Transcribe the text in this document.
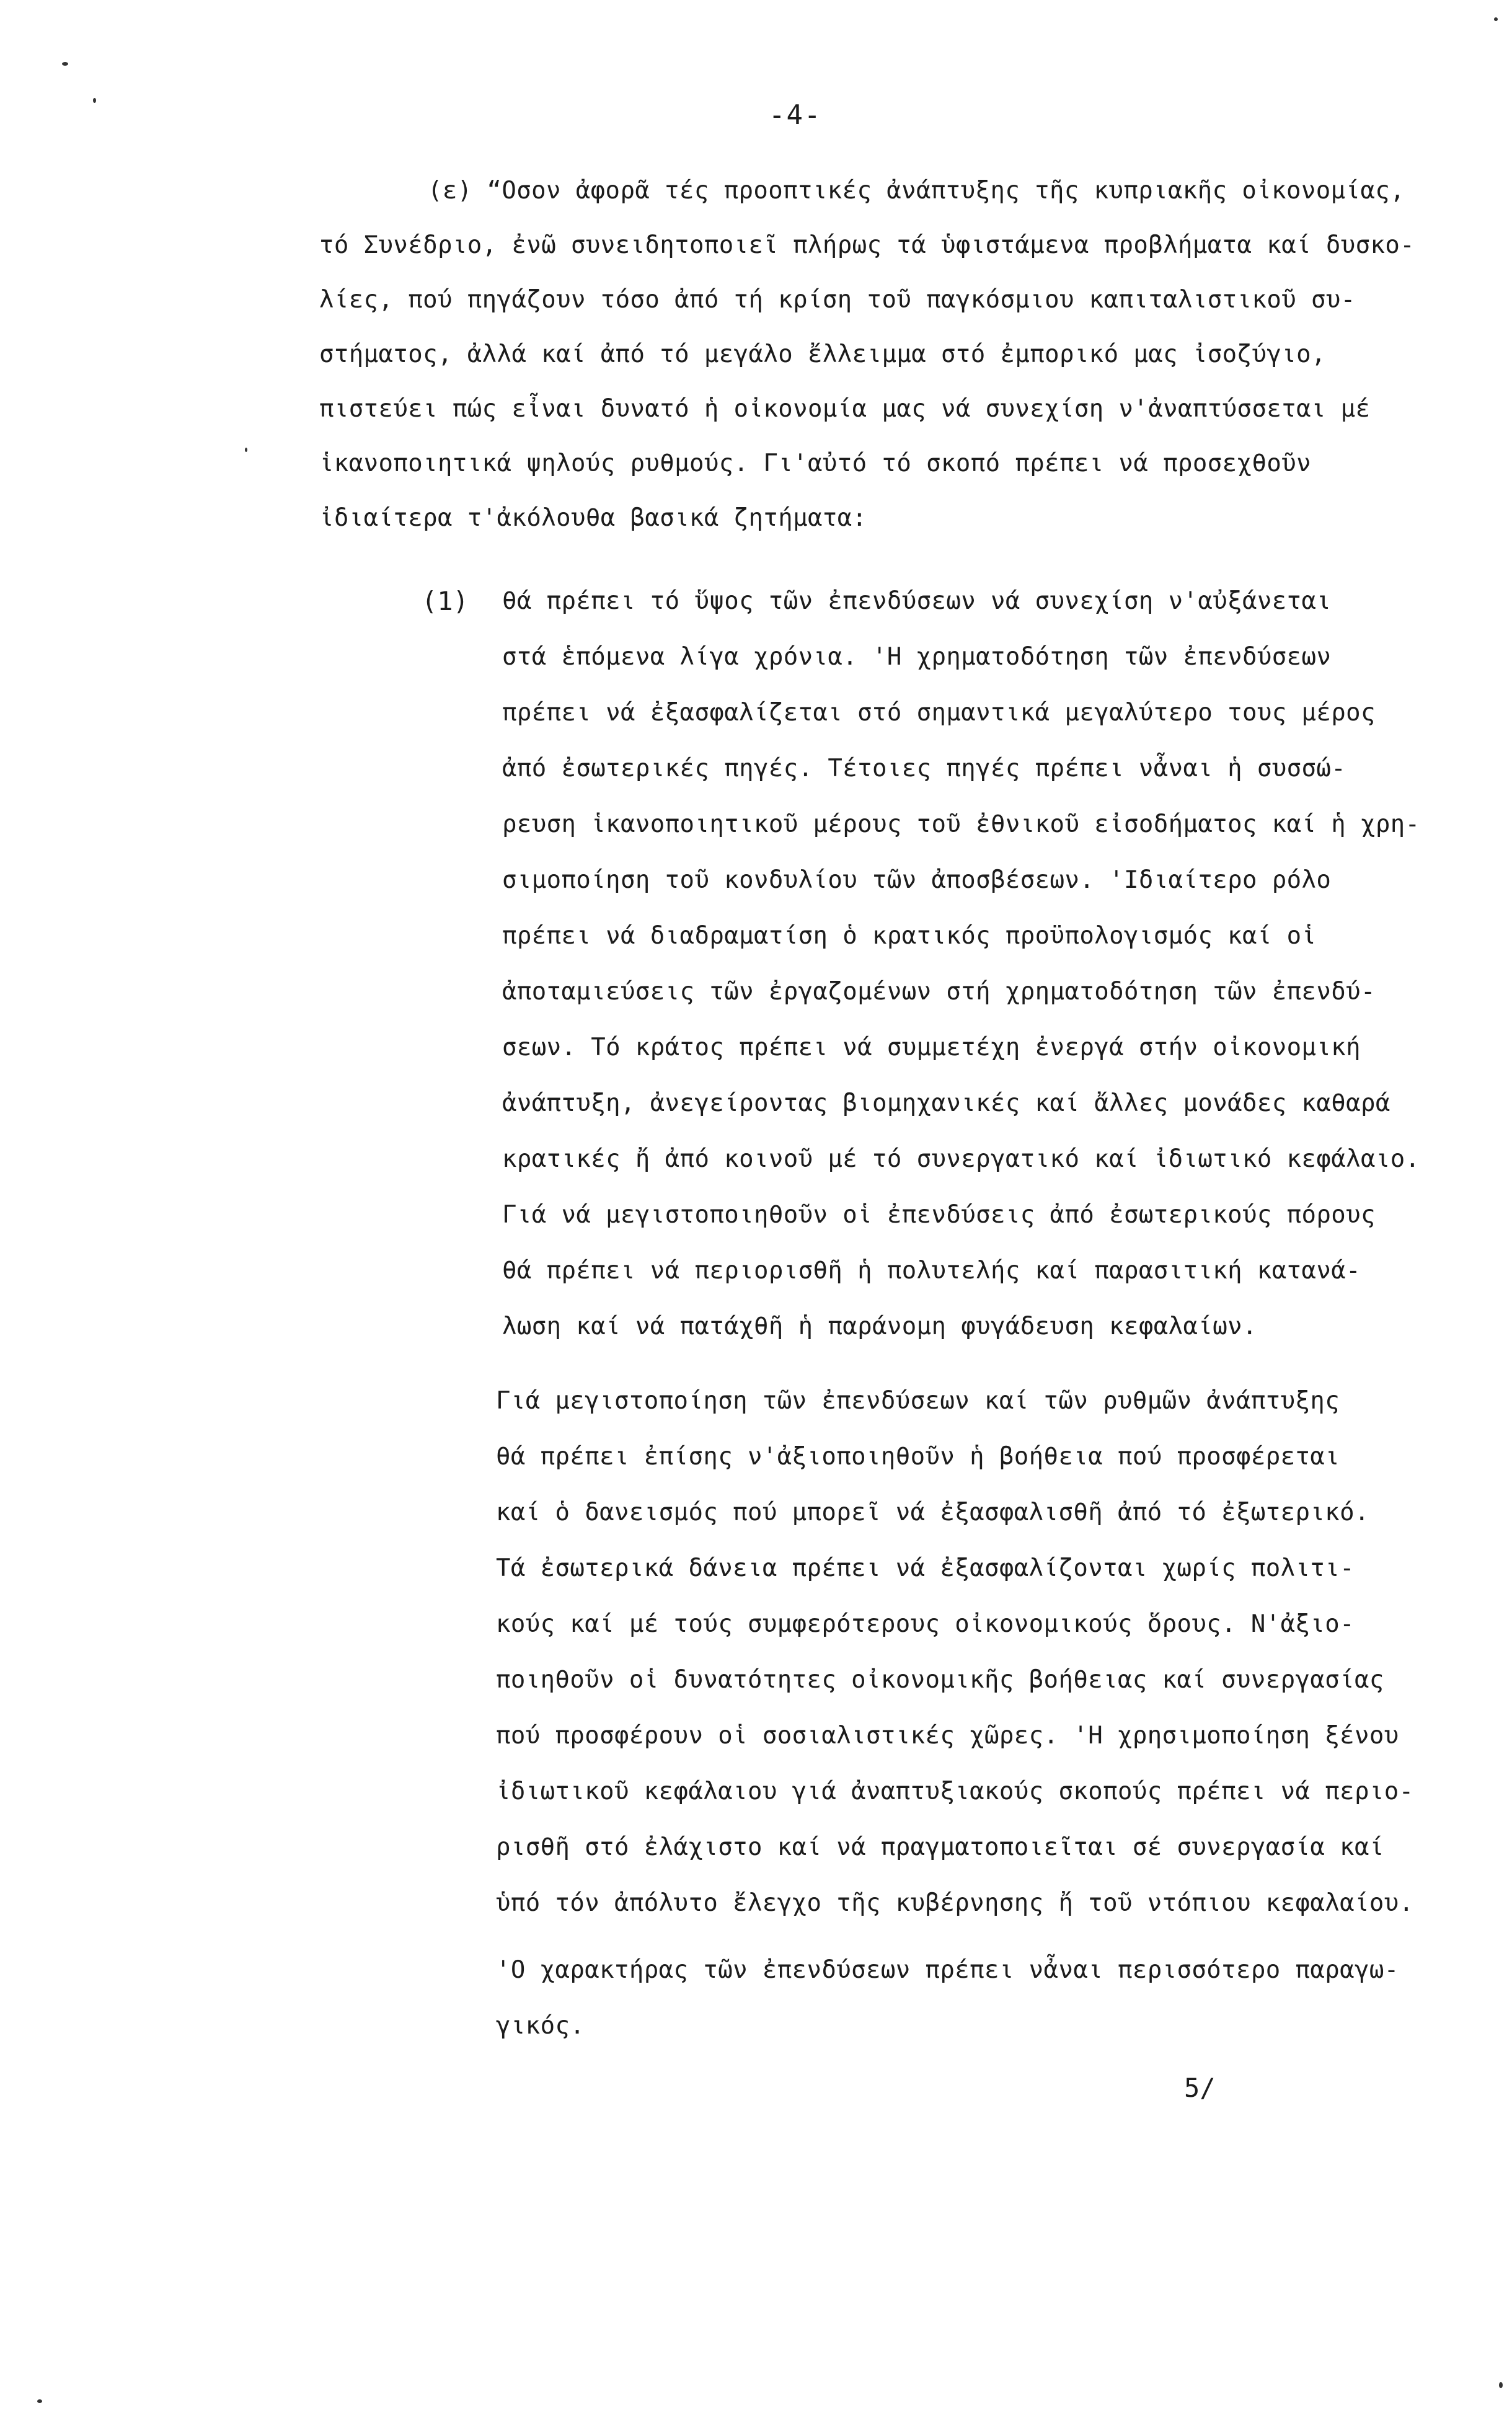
-4-
(ε) “Οσον ἀφορᾶ τές προοπτικές ἀνάπτυξης τῆς κυπριακῆς οἰκονομίας,
τό Συνέδριο, ἐνῶ συνειδητοποιεῖ πλήρως τά ὑφιστάμενα προβλήματα καί δυσκο-
λίες, πού πηγάζουν τόσο ἀπό τή κρίση τοῦ παγκόσμιου καπιταλιστικοῦ συ-
στήματος, ἀλλά καί ἀπό τό μεγάλο ἔλλειμμα στό ἐμπορικό μας ἰσοζύγιο,
πιστεύει πώς εἶναι δυνατό ἡ οἰκονομία μας νά συνεχίση ν'ἀναπτύσσεται μέ
ἱκανοποιητικά ψηλούς ρυθμούς. Γι'αὐτό τό σκοπό πρέπει νά προσεχθοῦν
ἰδιαίτερα τ'ἀκόλουθα βασικά ζητήματα:
(1) θά πρέπει τό ὕψος τῶν ἐπενδύσεων νά συνεχίση ν'αὐξάνεται
στά ἑπόμενα λίγα χρόνια. 'Η χρηματοδότηση τῶν ἐπενδύσεων
πρέπει νά ἐξασφαλίζεται στό σημαντικά μεγαλύτερο τους μέρος
ἀπό ἐσωτερικές πηγές. Τέτοιες πηγές πρέπει νἆναι ἡ συσσώ-
ρευση ἱκανοποιητικοῦ μέρους τοῦ ἐθνικοῦ εἰσοδήματος καί ἡ χρη-
σιμοποίηση τοῦ κονδυλίου τῶν ἀποσβέσεων. 'Ιδιαίτερο ρόλο
πρέπει νά διαδραματίση ὁ κρατικός προϋπολογισμός καί οἱ
ἀποταμιεύσεις τῶν ἐργαζομένων στή χρηματοδότηση τῶν ἐπενδύ-
σεων. Τό κράτος πρέπει νά συμμετέχη ἐνεργά στήν οἰκονομική
ἀνάπτυξη, ἀνεγείροντας βιομηχανικές καί ἄλλες μονάδες καθαρά
κρατικές ἤ ἀπό κοινοῦ μέ τό συνεργατικό καί ἰδιωτικό κεφάλαιο.
Γιά νά μεγιστοποιηθοῦν οἱ ἐπενδύσεις ἀπό ἐσωτερικούς πόρους
θά πρέπει νά περιορισθῆ ἡ πολυτελής καί παρασιτική κατανά-
λωση καί νά πατάχθῆ ἡ παράνομη φυγάδευση κεφαλαίων.
Γιά μεγιστοποίηση τῶν ἐπενδύσεων καί τῶν ρυθμῶν ἀνάπτυξης
θά πρέπει ἐπίσης ν'ἀξιοποιηθοῦν ἡ βοήθεια πού προσφέρεται
καί ὁ δανεισμός πού μπορεῖ νά ἐξασφαλισθῆ ἀπό τό ἐξωτερικό.
Τά ἐσωτερικά δάνεια πρέπει νά ἐξασφαλίζονται χωρίς πολιτι-
κούς καί μέ τούς συμφερότερους οἰκονομικούς ὅρους. Ν'ἀξιο-
ποιηθοῦν οἱ δυνατότητες οἰκονομικῆς βοήθειας καί συνεργασίας
πού προσφέρουν οἱ σοσιαλιστικές χῶρες. 'Η χρησιμοποίηση ξένου
ἰδιωτικοῦ κεφάλαιου γιά ἀναπτυξιακούς σκοπούς πρέπει νά περιο-
ρισθῆ στό ἐλάχιστο καί νά πραγματοποιεῖται σέ συνεργασία καί
ὑπό τόν ἀπόλυτο ἔλεγχο τῆς κυβέρνησης ἤ τοῦ ντόπιου κεφαλαίου.
'Ο χαρακτήρας τῶν ἐπενδύσεων πρέπει νἆναι περισσότερο παραγω-
γικός.
5/
